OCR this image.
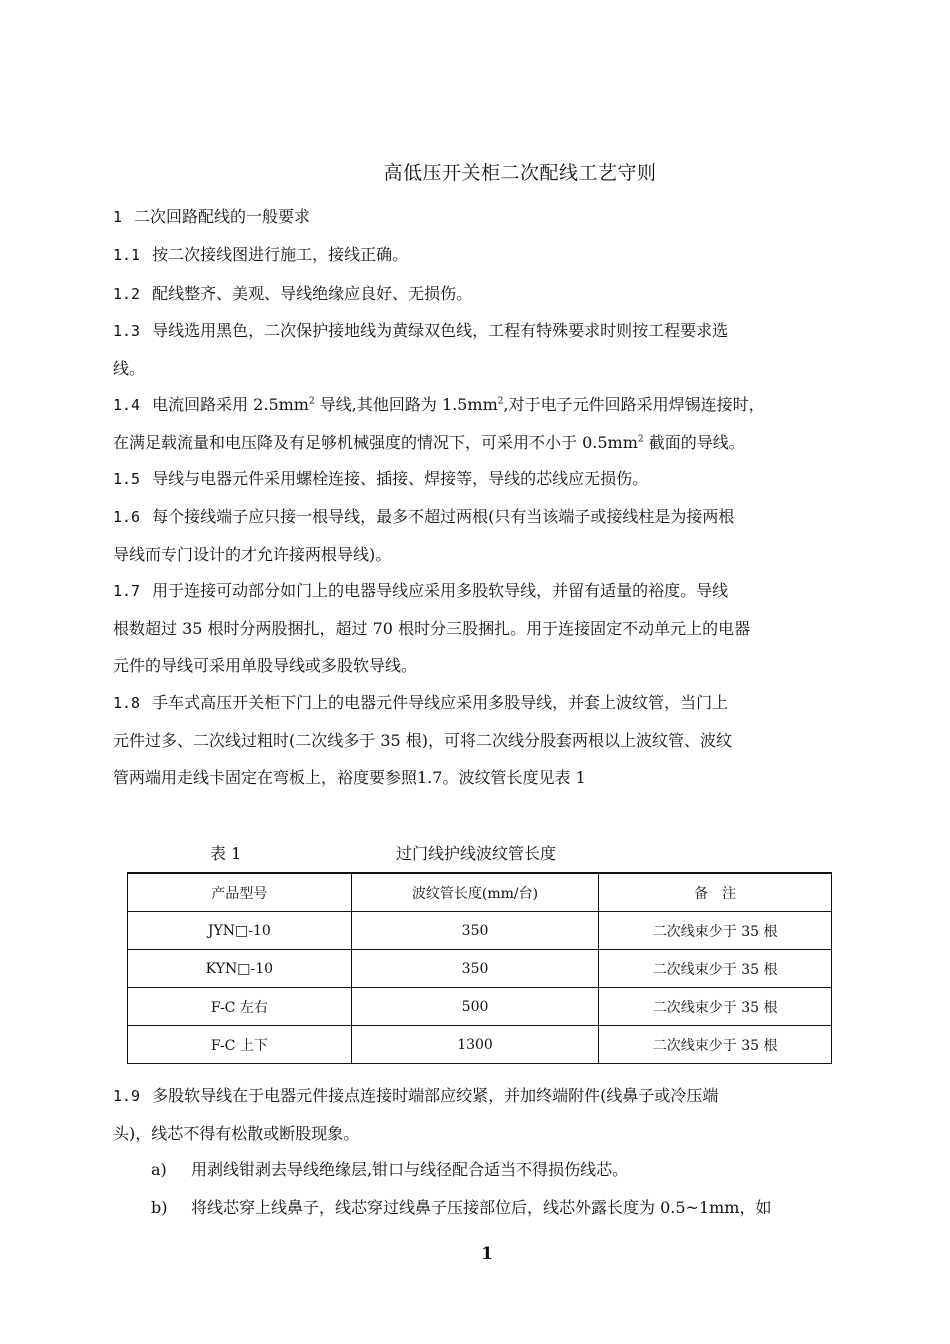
高低压开关柜二次配线工艺守则
1 二次回路配线的一般要求
1.1 按二次接线图进行施工，接线正确。
1.2 配线整齐、美观、导线绝缘应良好、无损伤。
1.3 导线选用黑色，二次保护接地线为黄绿双色线，工程有特殊要求时则按工程要求选
线。
1.4 电流回路采用 $2.5mm^2$ 导线,其他回路为 $1.5mm^2$,对于电子元件回路采用焊锡连接时，
在满足载流量和电压降及有足够机械强度的情况下，可采用不小于 $0.5mm^2$ 截面的导线。
1.5 导线与电器元件采用螺栓连接、插接、焊接等，导线的芯线应无损伤。
1.6 每个接线端子应只接一根导线，最多不超过两根(只有当该端子或接线柱是为接两根
导线而专门设计的才允许接两根导线)。
1.7 用于连接可动部分如门上的电器导线应采用多股软导线，并留有适量的裕度。导线
根数超过 35 根时分两股捆扎，超过 70 根时分三股捆扎。用于连接固定不动单元上的电器
元件的导线可采用单股导线或多股软导线。
1.8 手车式高压开关柜下门上的电器元件导线应采用多股导线，并套上波纹管，当门上
元件过多、二次线过粗时(二次线多于 35 根)，可将二次线分股套两根以上波纹管、波纹
管两端用走线卡固定在弯板上，裕度要参照1.7。波纹管长度见表 1
表 1	过门线护线波纹管长度
产品型号	波纹管长度(mm/台)	备　注
JYN□-10	350	二次线束少于 35 根
KYN□-10	350	二次线束少于 35 根
F-C 左右	500	二次线束少于 35 根
F-C 上下	1300	二次线束少于 35 根
1.9 多股软导线在于电器元件接点连接时端部应绞紧，并加终端附件(线鼻子或冷压端
头)，线芯不得有松散或断股现象。
a) 用剥线钳剥去导线绝缘层,钳口与线径配合适当不得损伤线芯。
b) 将线芯穿上线鼻子，线芯穿过线鼻子压接部位后，线芯外露长度为 0.5~1mm，如
1
